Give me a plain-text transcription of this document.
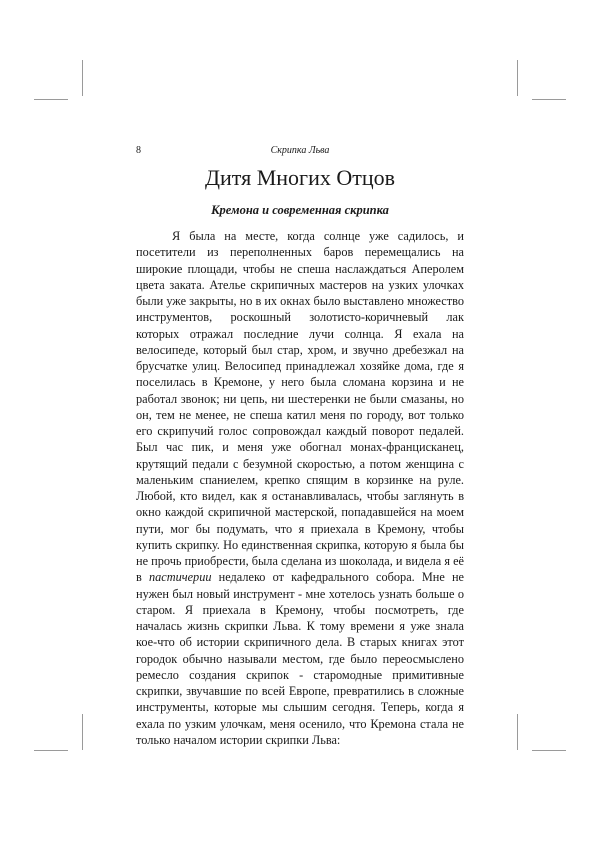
8	Скрипка Льва
Дитя Многих Отцов
Кремона и современная скрипка

Я была на месте, когда солнце уже садилось, и посетители из переполненных баров перемещались на широкие площади, чтобы не спеша наслаждаться Аперолем цвета заката. Ателье скрипичных мастеров на узких улочках были уже закрыты, но в их окнах было выставлено множество инструментов, роскошный золотисто-коричневый лак которых отражал последние лучи солнца. Я ехала на велосипеде, который был стар, хром, и звучно дребезжал на брусчатке улиц. Велосипед принадлежал хозяйке дома, где я поселилась в Кремоне, у него была сломана корзина и не работал звонок; ни цепь, ни шестеренки не были смазаны, но он, тем не менее, не спеша катил меня по городу, вот только его скрипучий голос сопровождал каждый поворот педалей. Был час пик, и меня уже обогнал монах-францисканец, крутящий педали с безумной скоростью, а потом женщина с маленьким спаниелем, крепко спящим в корзинке на руле. Любой, кто видел, как я останавливалась, чтобы заглянуть в окно каждой скрипичной мастерской, попадавшейся на моем пути, мог бы подумать, что я приехала в Кремону, чтобы купить скрипку. Но единственная скрипка, которую я была бы не прочь приобрести, была сделана из шоколада, и видела я её в пастичерии недалеко от кафедрального собора. Мне не нужен был новый инструмент - мне хотелось узнать больше о старом. Я приехала в Кремону, чтобы посмотреть, где началась жизнь скрипки Льва. К тому времени я уже знала кое-что об истории скрипичного дела. В старых книгах этот городок обычно называли местом, где было переосмыслено ремесло создания скрипок - старомодные примитивные скрипки, звучавшие по всей Европе, превратились в сложные инструменты, которые мы слышим сегодня. Теперь, когда я ехала по узким улочкам, меня осенило, что Кремона стала не только началом истории скрипки Льва:
